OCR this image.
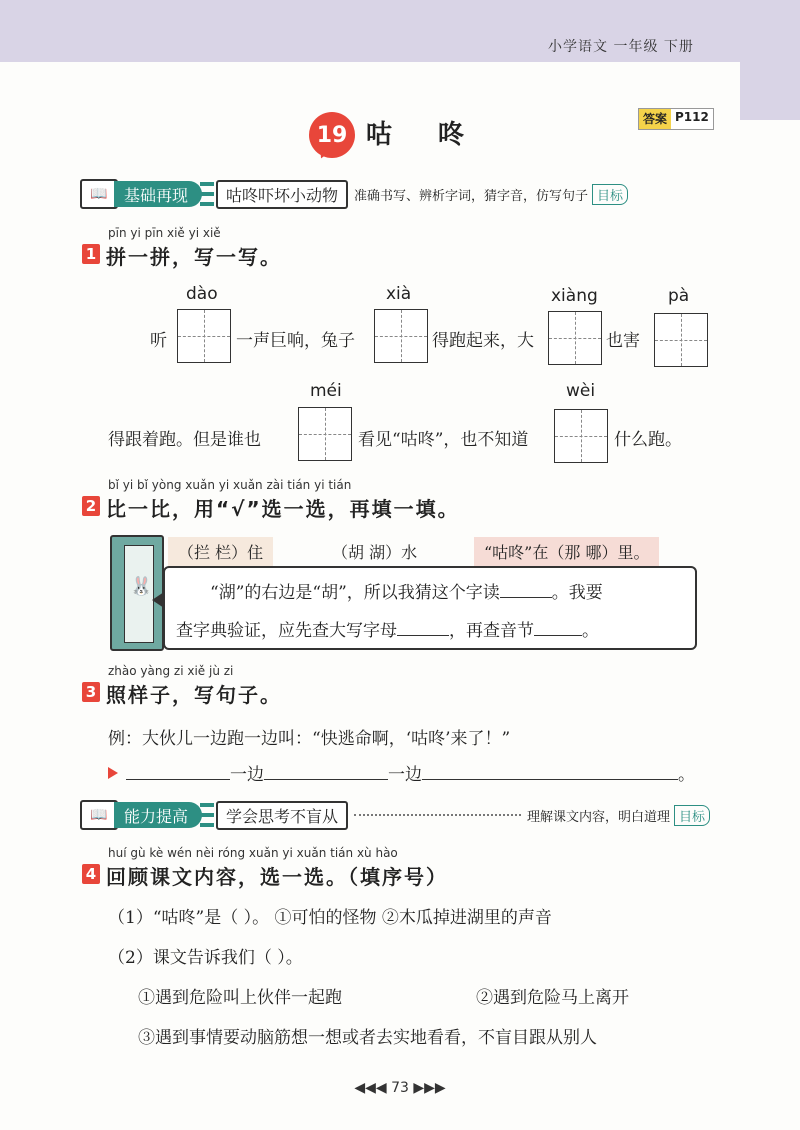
小学语文 一年级 下册
19 咕咚
答案 P112
📖	基础再现	咕咚吓坏小动物	准确书写、辨析字词，猜字音，仿写句子 目标
pīn yi pīn xiě yi xiě
1 拼一拼，写一写。
dào	xià	xiàng	pà
听	一声巨响，兔子	得跑起来，大	也害
méi	wèi
得跟着跑。但是谁也	看见“咕咚”，也不知道	什么跑。
bǐ yi bǐ yòng xuǎn yi xuǎn zài tián yi tián
2 比一比，用“√”选一选，再填一填。
🐰
（拦 栏）住	（胡 湖）水	“咕咚”在（那 哪）里。
“湖”的右边是“胡”，所以我猜这个字读	。我要
查字典验证，应先查大写字母	，再查音节	。
zhào yàng zi xiě jù zi
3 照样子，写句子。
例：大伙儿一边跑一边叫：“快逃命啊，‘咕咚’来了！”
一边	一边	。
📖	能力提高	学会思考不盲从	理解课文内容，明白道理 目标
huí gù kè wén nèi róng xuǎn yi xuǎn tián xù hào
4 回顾课文内容，选一选。（填序号）
（1）“咕咚”是（ ）。 ①可怕的怪物 ②木瓜掉进湖里的声音
（2）课文告诉我们（ ）。
①遇到危险叫上伙伴一起跑	②遇到危险马上离开
③遇到事情要动脑筋想一想或者去实地看看，不盲目跟从别人
◀◀◀ 73 ▶▶▶
